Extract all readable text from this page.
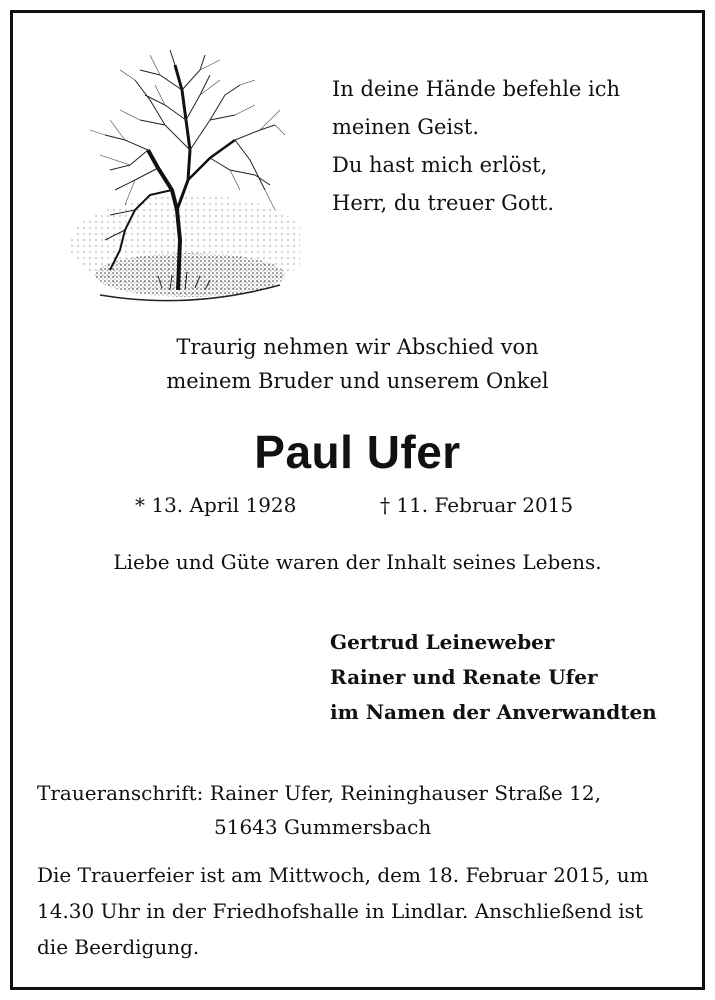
In deine Hände befehle ich
meinen Geist.
Du hast mich erlöst,
Herr, du treuer Gott.
Traurig nehmen wir Abschied von
meinem Bruder und unserem Onkel
Paul Ufer
* 13. April 1928	† 11. Februar 2015
Liebe und Güte waren der Inhalt seines Lebens.
Gertrud Leineweber
Rainer und Renate Ufer
im Namen der Anverwandten
Traueranschrift: Rainer Ufer, Reininghauser Straße 12,
51643 Gummersbach
Die Trauerfeier ist am Mittwoch, dem 18. Februar 2015, um
14.30 Uhr in der Friedhofshalle in Lindlar. Anschließend ist
die Beerdigung.
